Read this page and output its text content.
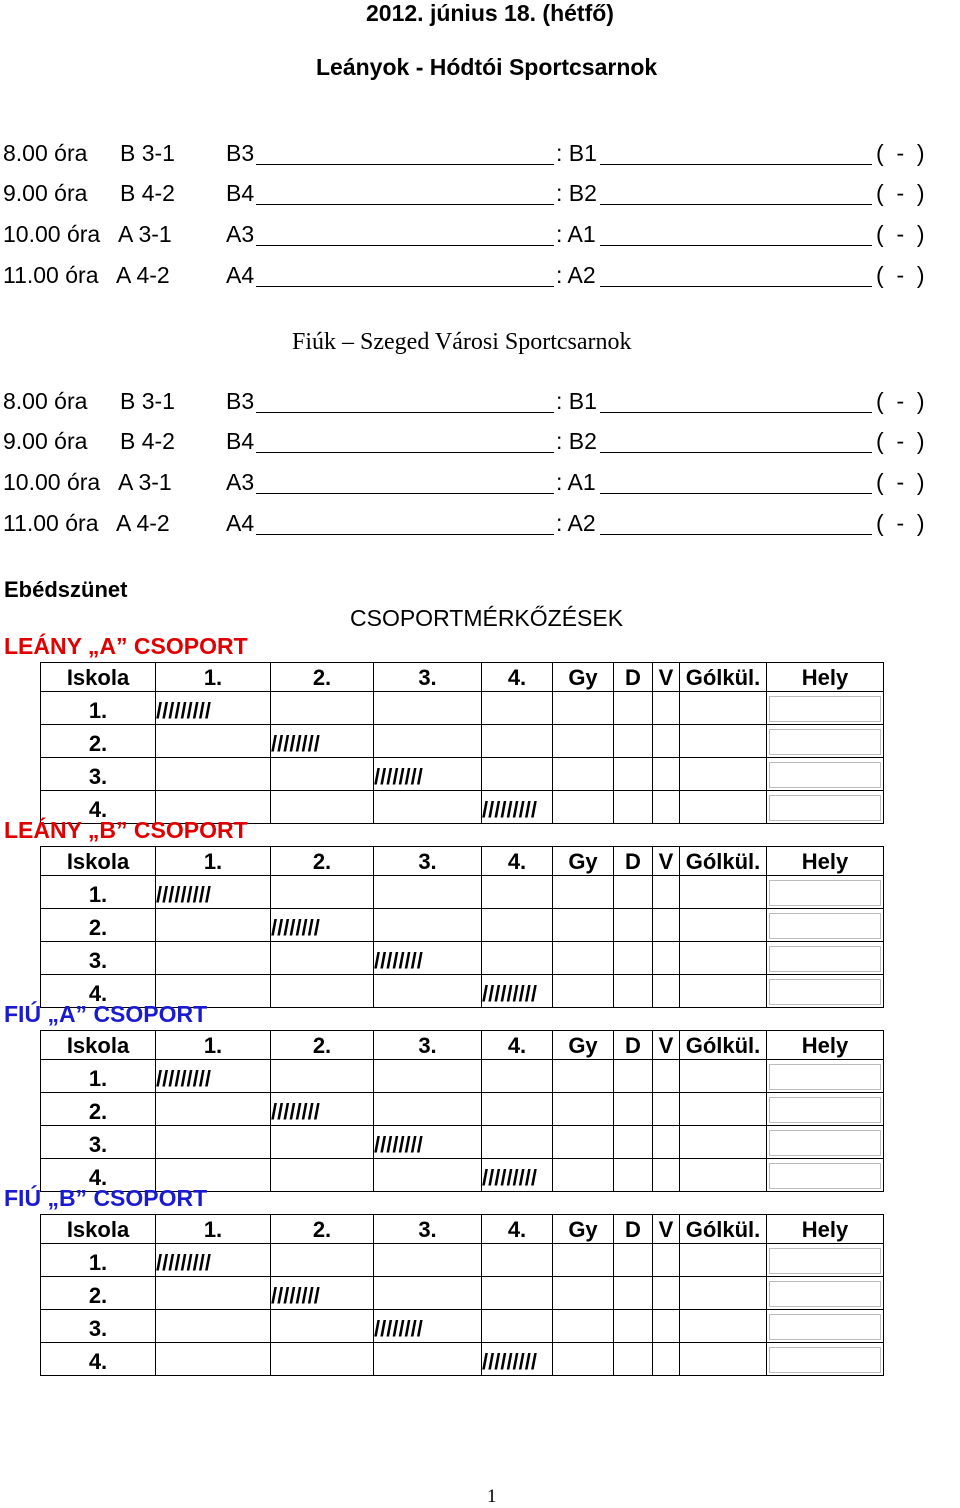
2012. június 18. (hétfő)
Leányok - Hódtói Sportcsarnok
8.00 óra B 3-1 B3	: B1	(  -  )
9.00 óra B 4-2 B4	: B2	(  -  )
10.00 óra A 3-1 A3	: A1	(  -  )
11.00 óra A 4-2 A4	: A2	(  -  )
Fiúk – Szeged Városi Sportcsarnok
8.00 óra B 3-1 B3	: B1	(  -  )
9.00 óra B 4-2 B4	: B2	(  -  )
10.00 óra A 3-1 A3	: A1	(  -  )
11.00 óra A 4-2 A4	: A2	(  -  )
Ebédszünet
CSOPORTMÉRKŐZÉSEK
LEÁNY „A” CSOPORT
Iskola	1.	2.	3.	4.	Gy	D	V	Gólkül.	Hely
1.	/////////								

2.		////////							

3.			////////						

4.				/////////					
LEÁNY „B” CSOPORT
Iskola	1.	2.	3.	4.	Gy	D	V	Gólkül.	Hely
1.	/////////								

2.		////////							

3.			////////						

4.				/////////					
FIÚ „A” CSOPORT
Iskola	1.	2.	3.	4.	Gy	D	V	Gólkül.	Hely
1.	/////////								

2.		////////							

3.			////////						

4.				/////////					
FIÚ „B” CSOPORT
Iskola	1.	2.	3.	4.	Gy	D	V	Gólkül.	Hely
1.	/////////								

2.		////////							

3.			////////						

4.				/////////					
1
